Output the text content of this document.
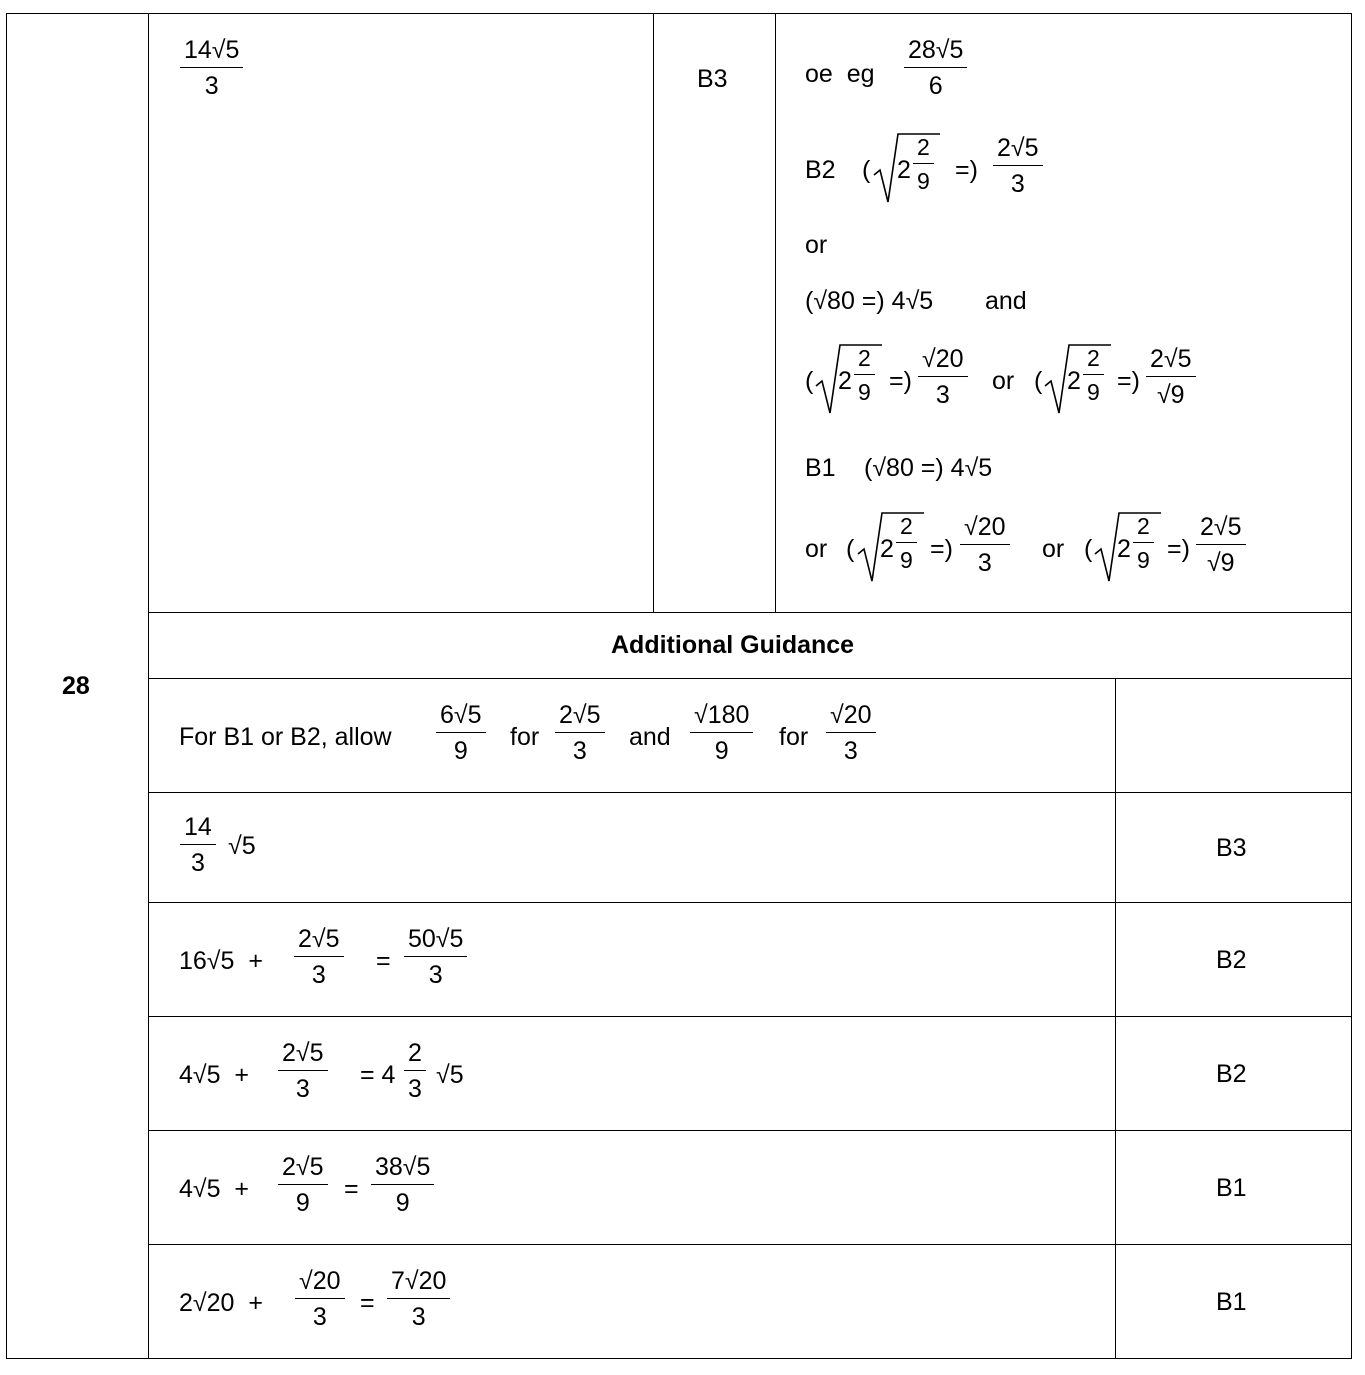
28
$\frac{14√5}{3}$	B3	oe  eg $\frac{28√5}{6}$
B2 ( $2 \frac{2}{9}$ =) $\frac{2√5}{3}$
or
(√80 =) 4√5 and
( $2 \frac{2}{9}$ =) $\frac{√20}{3}$ or ( $2 \frac{2}{9}$ =) $\frac{2√5}{√9}$
B1 (√80 =) 4√5
or ( $2 \frac{2}{9}$ =) $\frac{√20}{3}$ or ( $2 \frac{2}{9}$ =) $\frac{2√5}{√9}$
Additional Guidance
For B1 or B2, allow $\frac{6√5}{9}$ for $\frac{2√5}{3}$ and $\frac{√180}{9}$ for $\frac{√20}{3}$
$\frac{14}{3} √5$	B3
$16√5 + \frac{2√5}{3} = \frac{50√5}{3}$	B2
$4√5 + \frac{2√5}{3} = 4 \frac{2}{3} √5$	B2
$4√5 + \frac{2√5}{9} = \frac{38√5}{9}$	B1
$2√20 + \frac{√20}{3} = \frac{7√20}{3}$	B1
